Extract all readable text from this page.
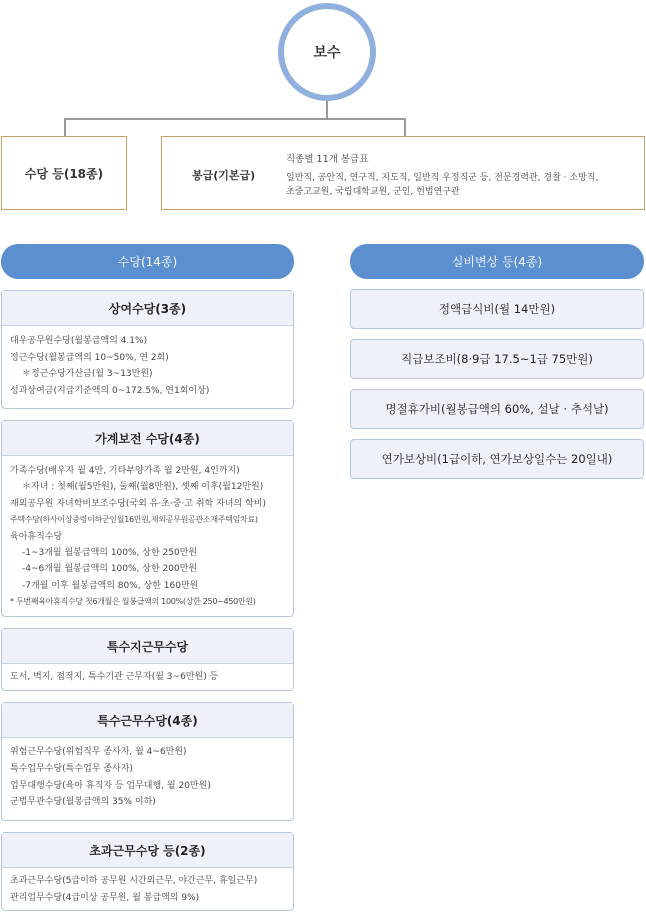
보수
수당 등(18종)	봉급(기본급)
직종별 11개 봉급표
일반직, 공안직, 연구직, 지도직, 일반직 우정직군 등, 전문경력관, 경찰 · 소방직,
초중고교원, 국립대학교원, 군인, 헌법연구관
수당(14종)	실비변상 등(4종)
상여수당(3종)
대우공무원수당(월봉급액의 4.1%)
정근수당(월봉급액의 10~50%, 연 2회)
＊정근수당가산금(월 3~13만원)
성과상여금(지급기준액의 0~172.5%, 연1회이상)
가계보전 수당(4종)
가족수당(배우자 월 4만, 기타부양가족 월 2만원, 4인까지)
＊자녀 : 첫째(월5만원), 둘째(월8만원), 셋째 이후(월12만원)
재외공무원 자녀학비보조수당(국외 유·초·중·고 취학 자녀의 학비)
주택수당(하사이상중령이하군인월16만원,재외공무원공관소재주택임차료)
육아휴직수당
-1~3개월 월봉급액의 100%, 상한 250만원
-4~6개월 월봉급액의 100%, 상한 200만원
-7개월 이후 월봉급액의 80%, 상한 160만원
* 두번째육아휴직수당 첫6개월은 월봉급액의 100%(상한 250~450만원)
특수지근무수당
도서, 벽지, 접적지, 특수기관 근무자(월 3~6만원) 등
특수근무수당(4종)
위험근무수당(위험직무 종사자, 월 4~6만원)
특수업무수당(특수업무 종사자)
업무대행수당(육아 휴직자 등 업무대행, 월 20만원)
군법무관수당(월봉급액의 35% 이하)
초과근무수당 등(2종)
초과근무수당(5급이하 공무원 시간외근무, 야간근무, 휴일근무)
관리업무수당(4급이상 공무원, 월 봉급액의 9%)
정액급식비(월 14만원)
직급보조비(8·9급 17.5~1급 75만원)
명절휴가비(월봉급액의 60%, 설날 · 추석날)
연가보상비(1급이하, 연가보상일수는 20일내)
